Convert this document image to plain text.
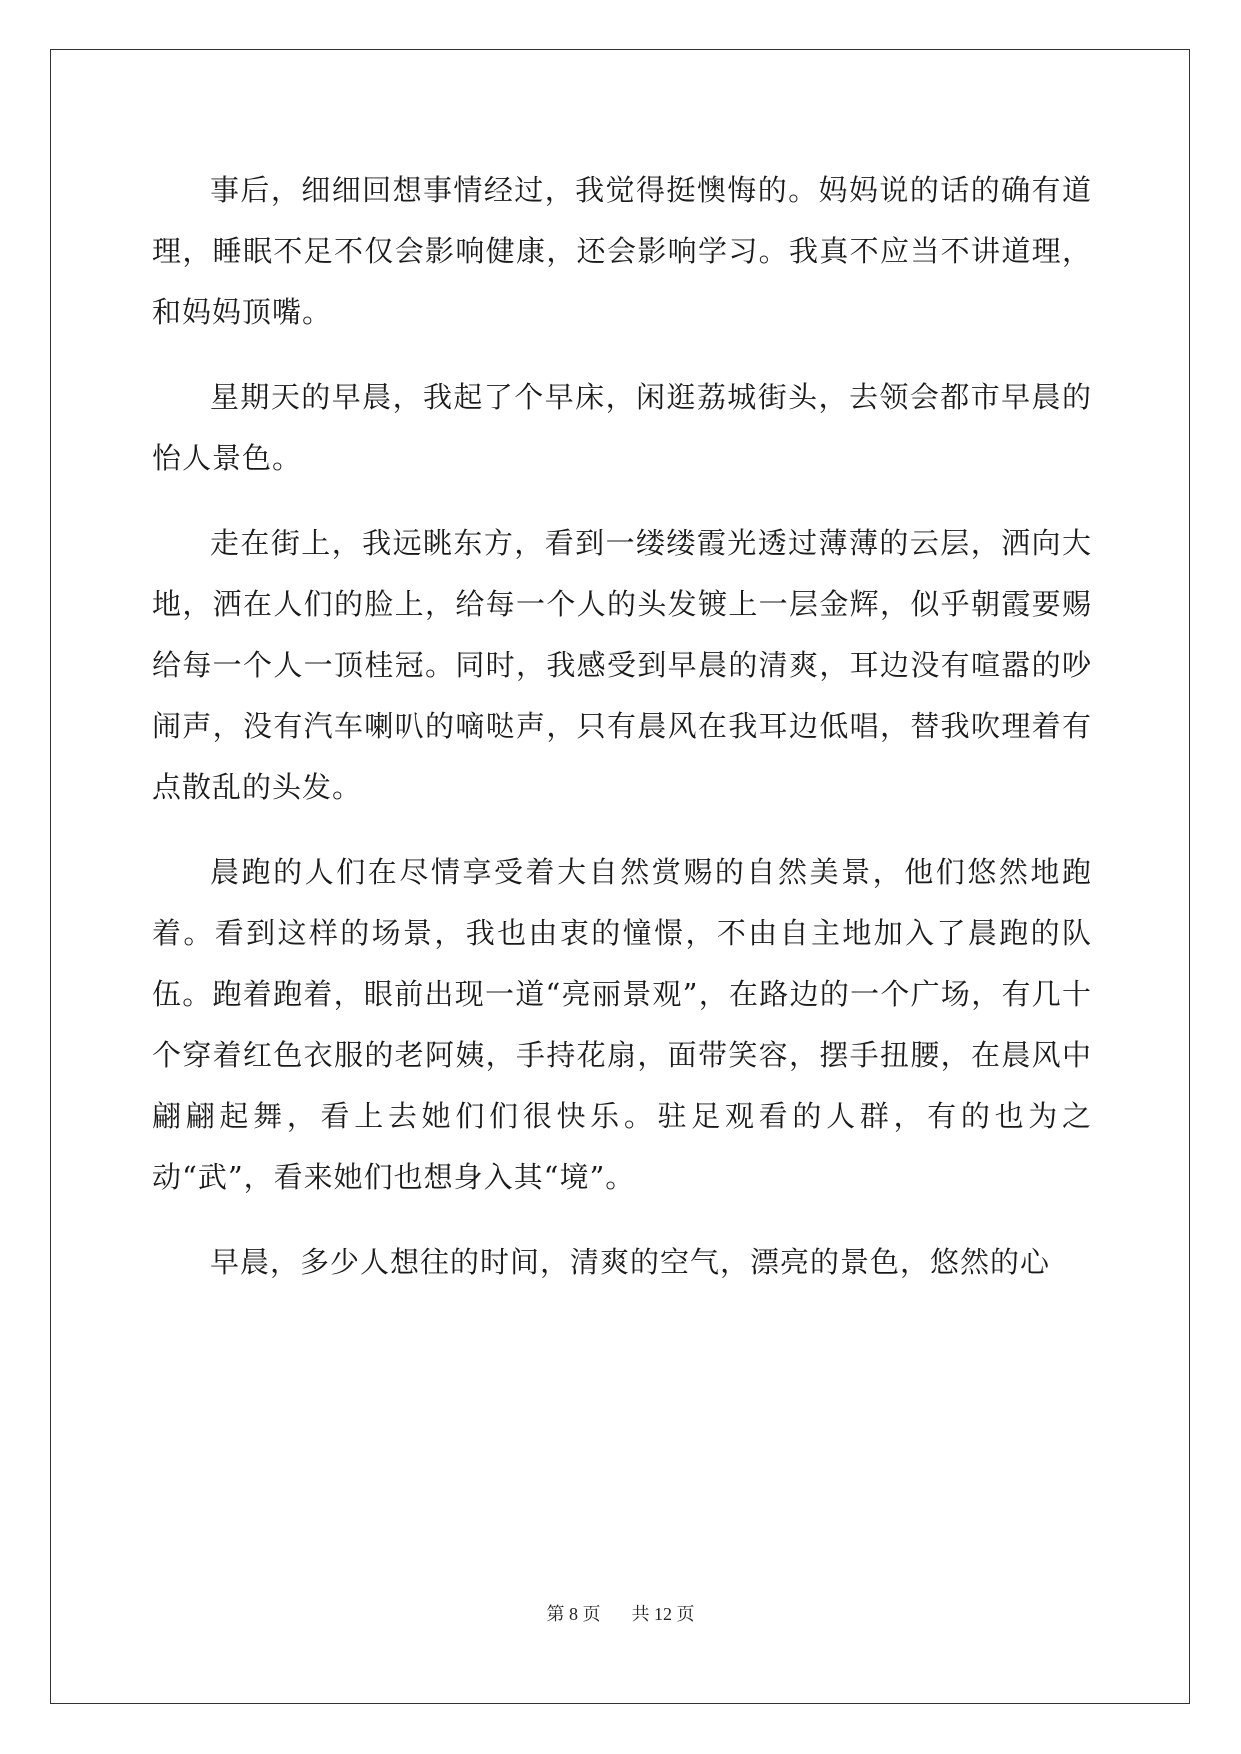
事后，细细回想事情经过，我觉得挺懊悔的。妈妈说的话的确有道理，睡眠不足不仅会影响健康，还会影响学习。我真不应当不讲道理，和妈妈顶嘴。

星期天的早晨，我起了个早床，闲逛荔城街头，去领会都市早晨的怡人景色。

走在街上，我远眺东方，看到一缕缕霞光透过薄薄的云层，洒向大地，洒在人们的脸上，给每一个人的头发镀上一层金辉，似乎朝霞要赐给每一个人一顶桂冠。同时，我感受到早晨的清爽，耳边没有喧嚣的吵闹声，没有汽车喇叭的嘀哒声，只有晨风在我耳边低唱，替我吹理着有点散乱的头发。

晨跑的人们在尽情享受着大自然赏赐的自然美景，他们悠然地跑着。看到这样的场景，我也由衷的憧憬，不由自主地加入了晨跑的队伍。跑着跑着，眼前出现一道“亮丽景观”，在路边的一个广场，有几十个穿着红色衣服的老阿姨，手持花扇，面带笑容，摆手扭腰，在晨风中翩翩起舞，看上去她们们很快乐。驻足观看的人群，有的也为之动“武”，看来她们也想身入其“境”。

早晨，多少人想往的时间，清爽的空气，漂亮的景色，悠然的心

第 8 页 共 12 页
